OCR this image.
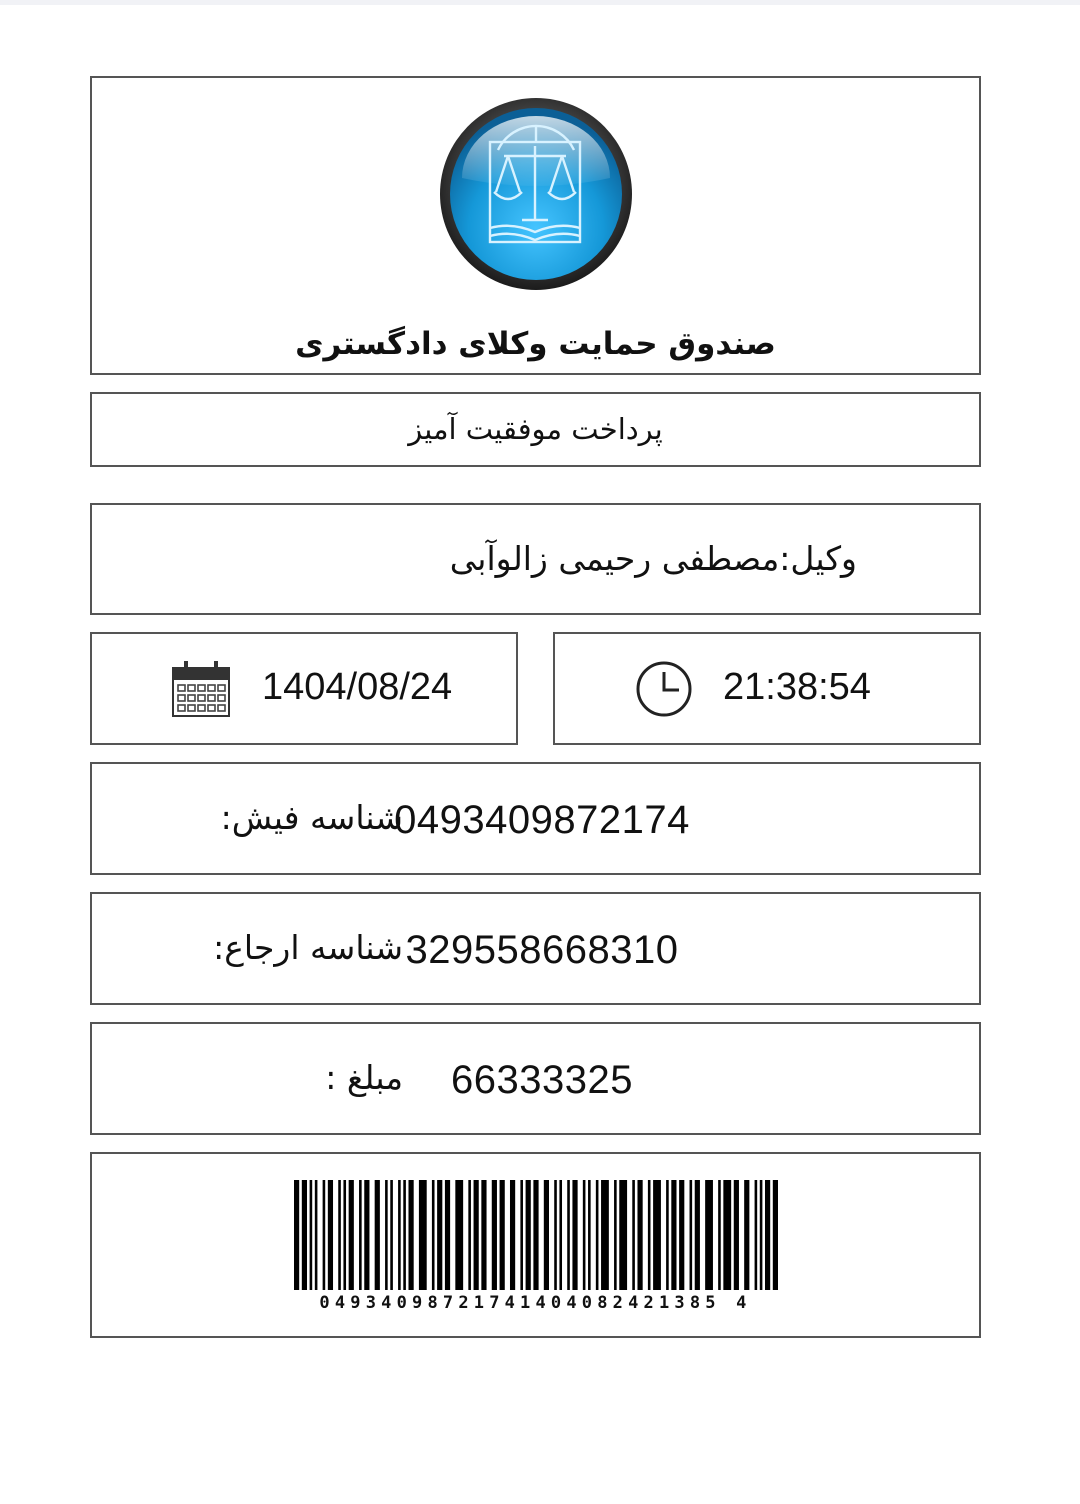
صندوق حمایت وکلای دادگستری
پرداخت موفقیت آمیز
وکیل:مصطفی رحیمی زالوآبی
1404/08/24	21:38:54
0493409872174
شناسه فیش:
329558668310
شناسه ارجاع:
66333325
مبلغ :
04934098721741404082421385 4
